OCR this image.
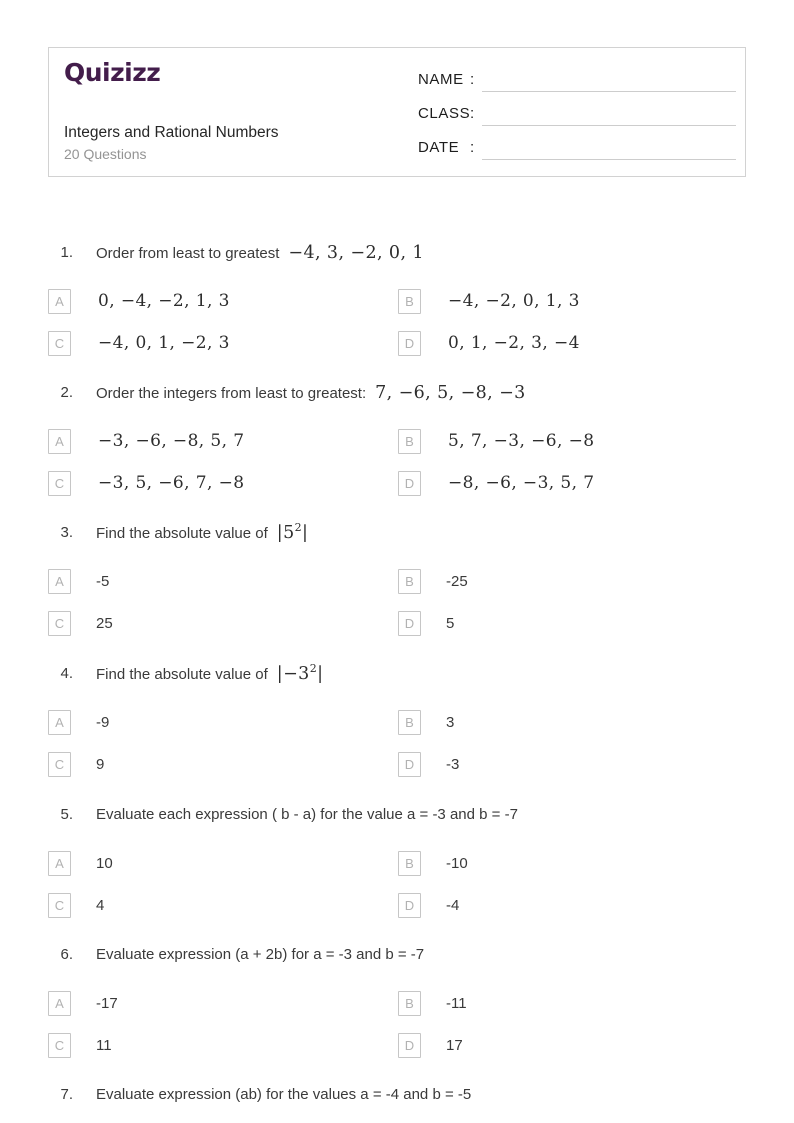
Quizizz
Integers and Rational Numbers
20 Questions
NAME :
CLASS :
DATE :
1. Order from least to greatest −4, 3, −2, 0, 1
A	0, −4, −2, 1, 3	B	−4, −2, 0, 1, 3
C	−4, 0, 1, −2, 3	D	0, 1, −2, 3, −4
2. Order the integers from least to greatest: 7, −6, 5, −8, −3
A	−3, −6, −8, 5, 7	B	5, 7, −3, −6, −8
C	−3, 5, −6, 7, −8	D	−8, −6, −3, 5, 7
3. Find the absolute value of $|5^2|$
A	-5	B	-25
C	25	D	5
4. Find the absolute value of $|-3^2|$
A	-9	B	3
C	9	D	-3
5. Evaluate each expression ( b - a) for the value a = -3 and b = -7
A	10	B	-10
C	4	D	-4
6. Evaluate expression (a + 2b) for a = -3 and b = -7
A	-17	B	-11
C	11	D	17
7. Evaluate expression (ab) for the values a = -4 and b = -5
